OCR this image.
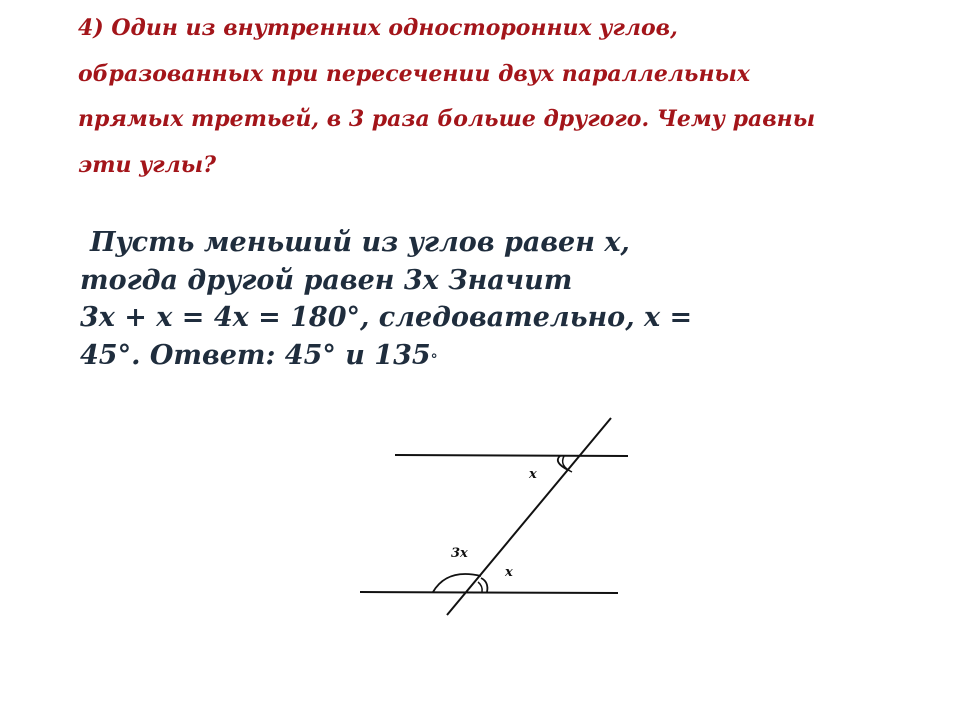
4) Один из внутренних односторонних углов,
образованных при пересечении двух параллельных
прямых третьей, в 3 раза больше другого. Чему равны
эти углы?
Пусть меньший из углов равен х,
тогда другой равен 3х Значит
3х + х = 4х = 180°, следовательно, х =
45°. Ответ: 45° и 135°
x
3x
x
